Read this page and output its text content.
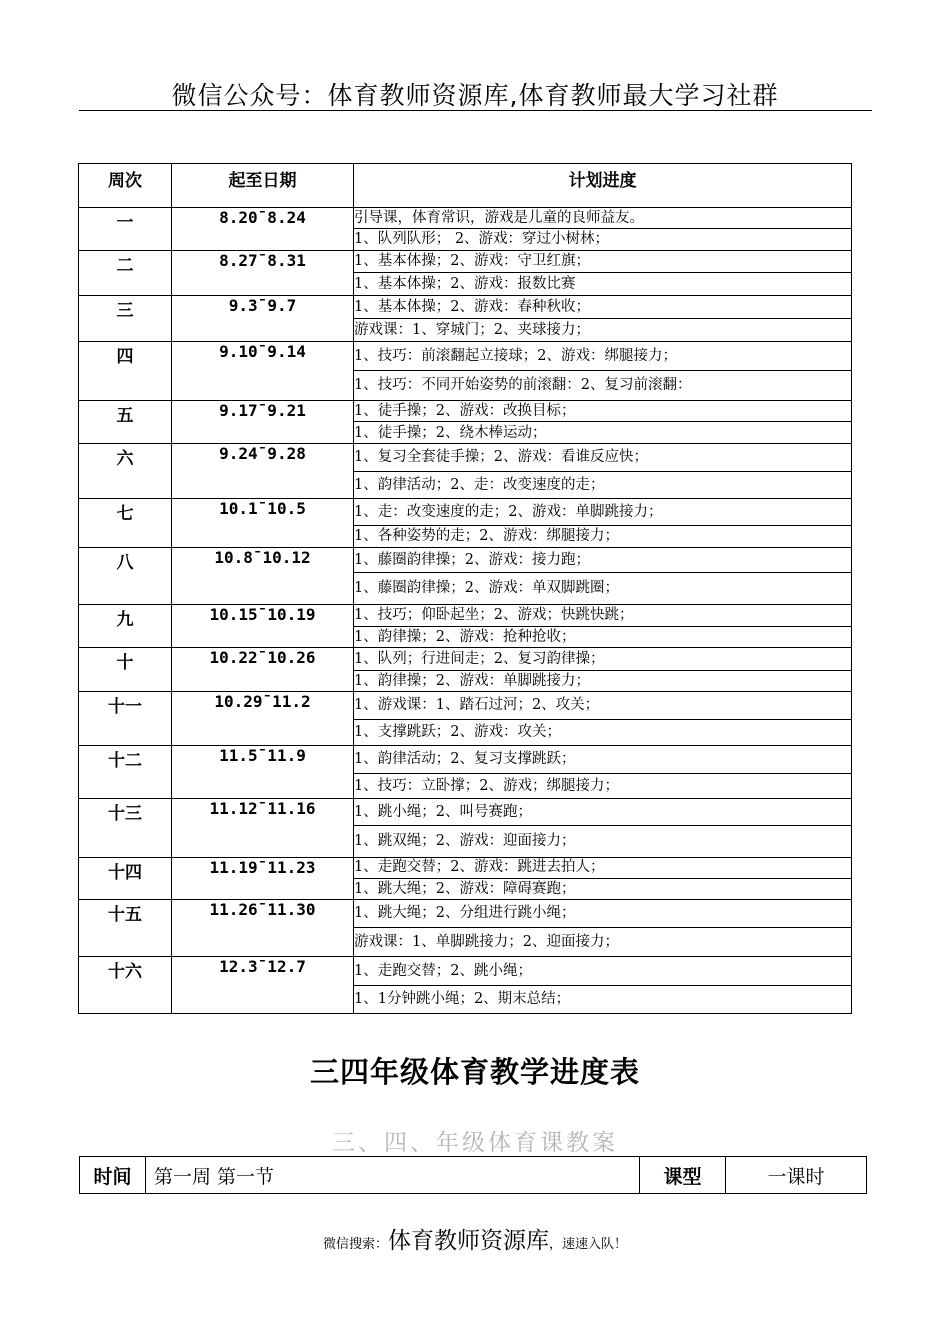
微信公众号：体育教师资源库,体育教师最大学习社群
周次	起至日期	计划进度
一	8.20¯8.24	引导课，体育常识，游戏是儿童的良师益友。
		1、队列队形； 2、游戏：穿过小树林；
二	8.27¯8.31	1、基本体操；2、游戏：守卫红旗；
		1、基本体操；2、游戏：报数比赛
三	9.3¯9.7	1、基本体操；2、游戏：春种秋收；
		游戏课：1、穿城门；2、夹球接力；
四	9.10¯9.14	1、技巧：前滚翻起立接球；2、游戏：绑腿接力；
		1、技巧：不同开始姿势的前滚翻：2、复习前滚翻：
五	9.17¯9.21	1、徒手操；2、游戏：改换目标；
		1、徒手操；2、绕木棒运动；
六	9.24¯9.28	1、复习全套徒手操；2、游戏：看谁反应快；
		1、韵律活动；2、走：改变速度的走；
七	10.1¯10.5	1、走：改变速度的走；2、游戏：单脚跳接力；
		1、各种姿势的走；2、游戏：绑腿接力；
八	10.8¯10.12	1、藤圈韵律操；2、游戏：接力跑；
		1、藤圈韵律操；2、游戏：单双脚跳圈；
九	10.15¯10.19	1、技巧；仰卧起坐；2、游戏；快跳快跳；
		1、韵律操；2、游戏：抢种抢收；
十	10.22¯10.26	1、队列；行进间走；2、复习韵律操；
		1、韵律操；2、游戏：单脚跳接力；
十一	10.29¯11.2	1、游戏课：1、踏石过河；2、攻关；
		1、支撑跳跃；2、游戏：攻关；
十二	11.5¯11.9	1、韵律活动；2、复习支撑跳跃；
		1、技巧：立卧撑；2、游戏；绑腿接力；
十三	11.12¯11.16	1、跳小绳；2、叫号赛跑；
		1、跳双绳；2、游戏：迎面接力；
十四	11.19¯11.23	1、走跑交替；2、游戏：跳进去拍人；
		1、跳大绳；2、游戏：障碍赛跑；
十五	11.26¯11.30	1、跳大绳；2、分组进行跳小绳；
		游戏课：1、单脚跳接力；2、迎面接力；
十六	12.3¯12.7	1、走跑交替；2、跳小绳；
		1、1分钟跳小绳；2、期末总结；
三四年级体育教学进度表
三、四、年级体育课教案
时间	第一周 第一节	课型	一课时
微信搜索：体育教师资源库，速速入队！
